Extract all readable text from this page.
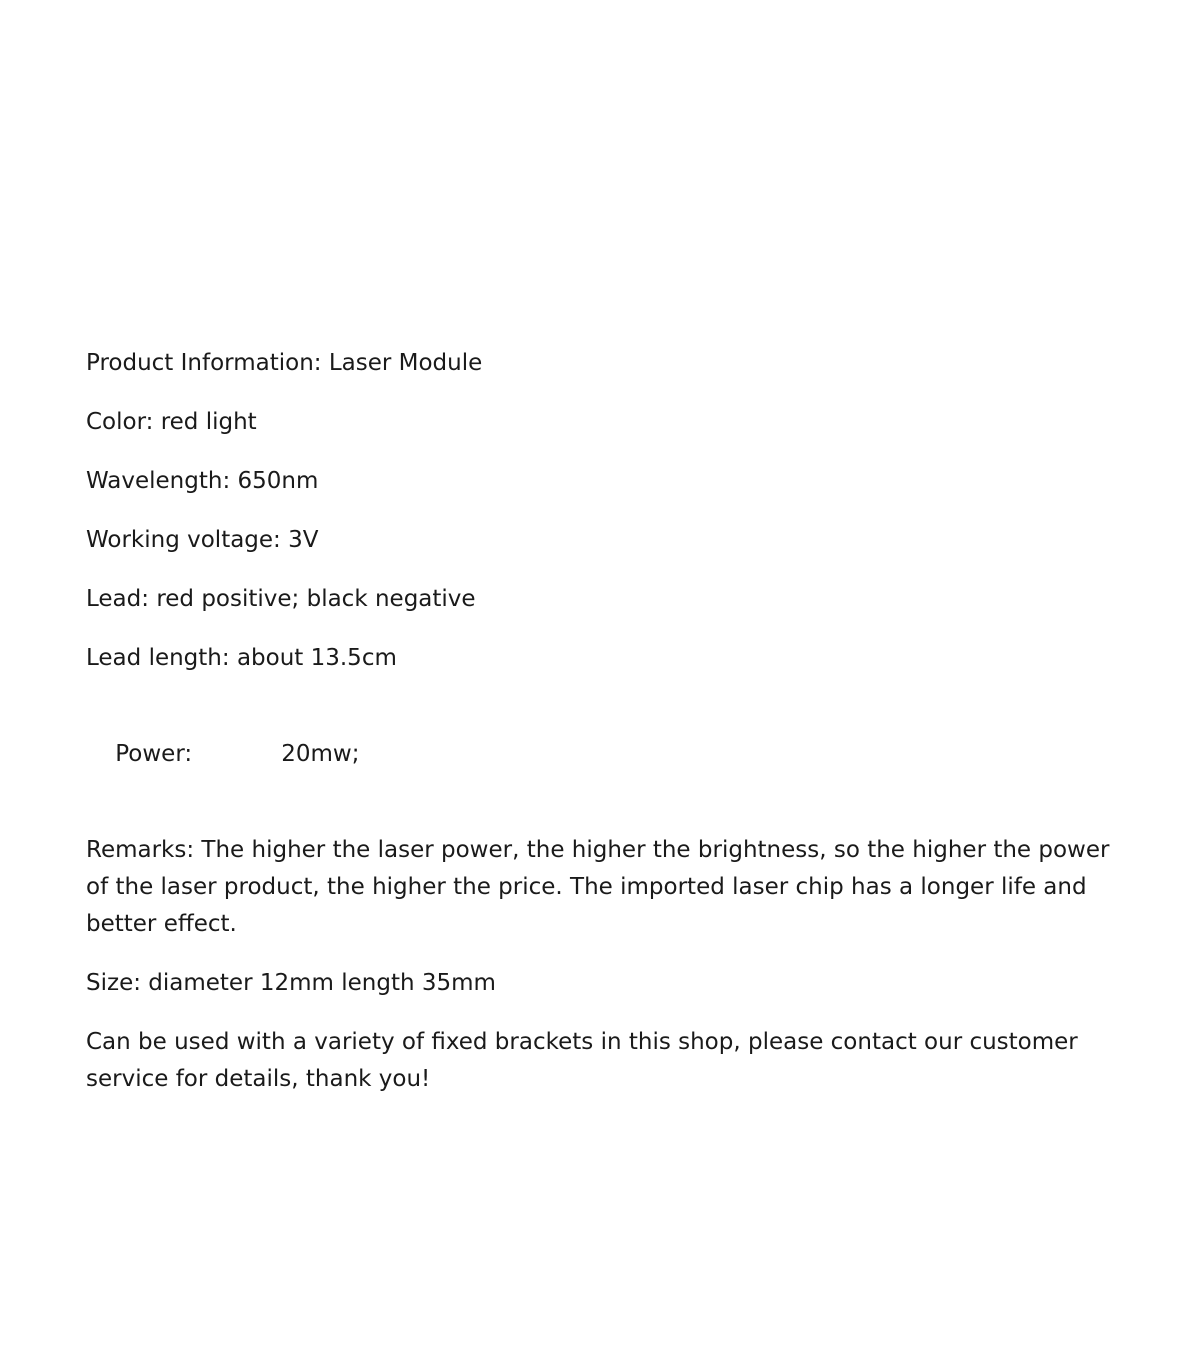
Product Information: Laser Module
Color: red light
Wavelength: 650nm
Working voltage: 3V
Lead: red positive; black negative
Lead length: about 13.5cm

Power:	20mw;

Remarks: The higher the laser power, the higher the brightness, so the higher the power of the laser product, the higher the price. The imported laser chip has a longer life and better effect.
Size: diameter 12mm length 35mm
Can be used with a variety of fixed brackets in this shop, please contact our customer service for details, thank you!
